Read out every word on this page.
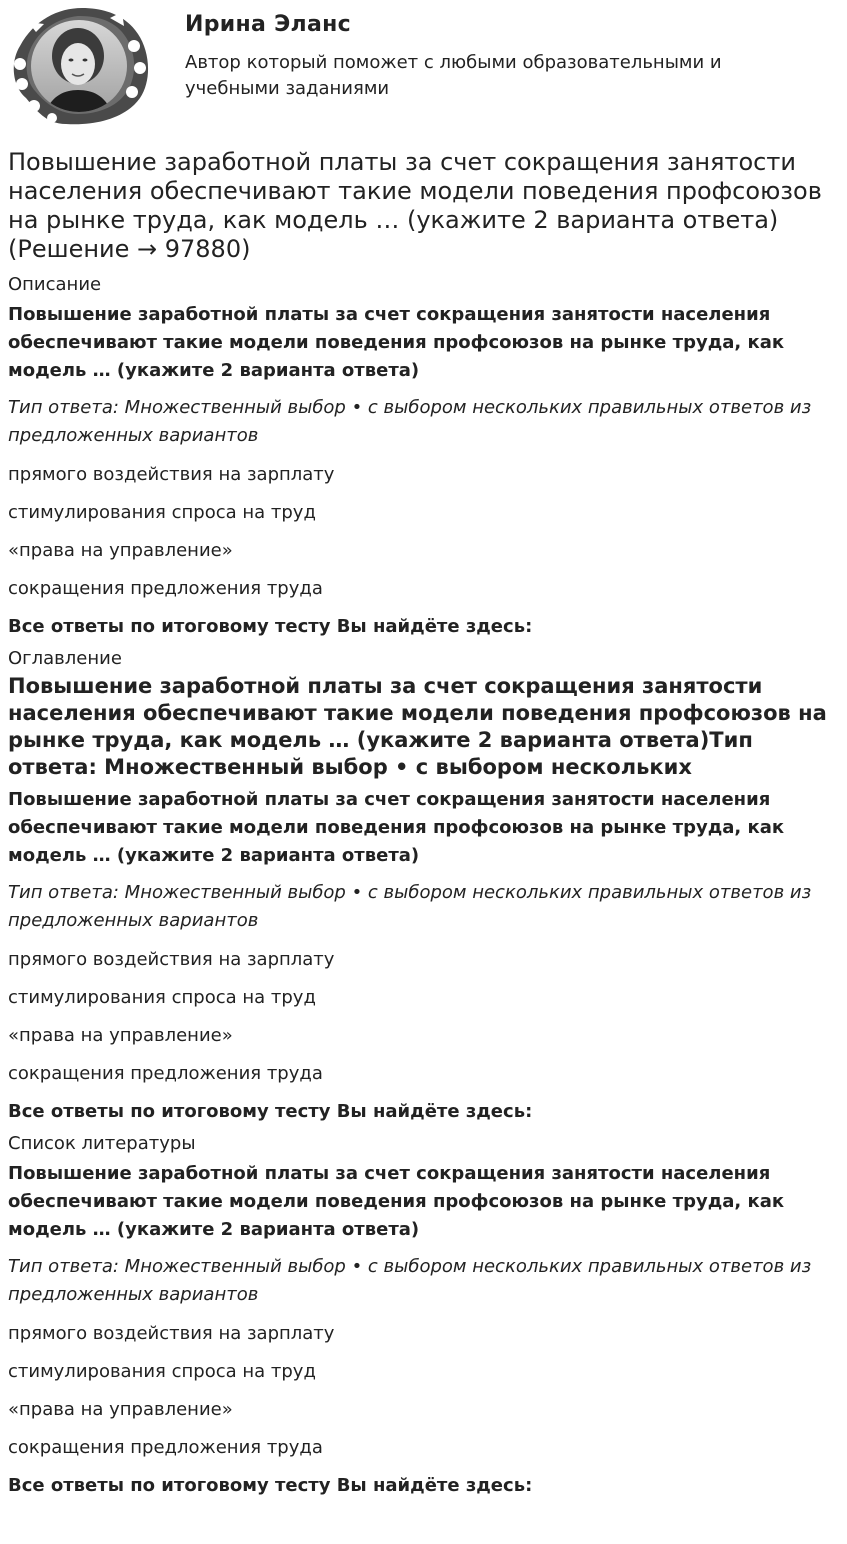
Ирина Эланс
Автор который поможет с любыми образовательными и учебными заданиями
Повышение заработной платы за счет сокращения занятости населения обеспечивают такие модели поведения профсоюзов на рынке труда, как модель … (укажите 2 варианта ответа) (Решение → 97880)
Описание
Повышение заработной платы за счет сокращения занятости населения обеспечивают такие модели поведения профсоюзов на рынке труда, как модель … (укажите 2 варианта ответа)
Тип ответа: Множественный выбор • с выбором нескольких правильных ответов из предложенных вариантов
прямого воздействия на зарплату
стимулирования спроса на труд
«права на управление»
сокращения предложения труда
Все ответы по итоговому тесту Вы найдёте здесь:
Оглавление
Повышение заработной платы за счет сокращения занятости населения обеспечивают такие модели поведения профсоюзов на рынке труда, как модель … (укажите 2 варианта ответа)Тип ответа: Множественный выбор • с выбором нескольких
Повышение заработной платы за счет сокращения занятости населения обеспечивают такие модели поведения профсоюзов на рынке труда, как модель … (укажите 2 варианта ответа)
Тип ответа: Множественный выбор • с выбором нескольких правильных ответов из предложенных вариантов
прямого воздействия на зарплату
стимулирования спроса на труд
«права на управление»
сокращения предложения труда
Все ответы по итоговому тесту Вы найдёте здесь:
Список литературы
Повышение заработной платы за счет сокращения занятости населения обеспечивают такие модели поведения профсоюзов на рынке труда, как модель … (укажите 2 варианта ответа)
Тип ответа: Множественный выбор • с выбором нескольких правильных ответов из предложенных вариантов
прямого воздействия на зарплату
стимулирования спроса на труд
«права на управление»
сокращения предложения труда
Все ответы по итоговому тесту Вы найдёте здесь:
